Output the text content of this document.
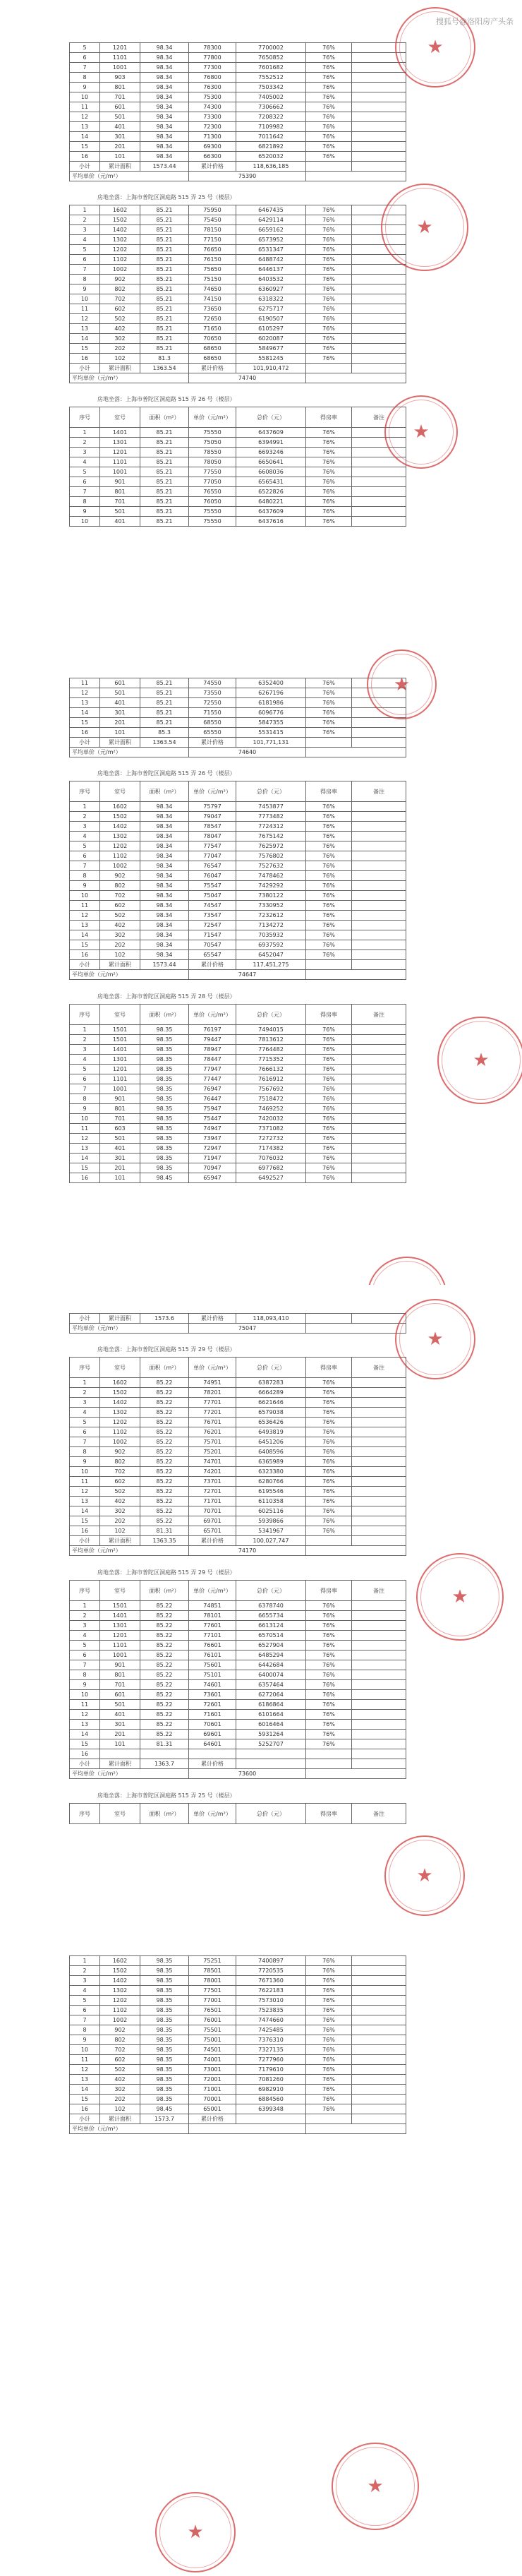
5	1201	98.34	78300	7700002	76%	
6	1101	98.34	77800	7650852	76%	
7	1001	98.34	77300	7601682	76%	
8	903	98.34	76800	7552512	76%	
9	801	98.34	76300	7503342	76%	
10	701	98.34	75300	7405002	76%	
11	601	98.34	74300	7306662	76%	
12	501	98.34	73300	7208322	76%	
13	401	98.34	72300	7109982	76%	
14	301	98.34	71300	7011642	76%	
15	201	98.34	69300	6821892	76%	
16	101	98.34	66300	6520032	76%	
小计	累计面积	1573.44	累计价格	118,636,185		
平均单价（元/m²）			75390			
房地坐落：上海市普陀区洞庭路 515 弄 25 号（楼层）
1	1602	85.21	75950	6467435	76%	
2	1502	85.21	75450	6429114	76%	
3	1402	85.21	78150	6659162	76%	
4	1302	85.21	77150	6573952	76%	
5	1202	85.21	76650	6531347	76%	
6	1102	85.21	76150	6488742	76%	
7	1002	85.21	75650	6446137	76%	
8	902	85.21	75150	6403532	76%	
9	802	85.21	74650	6360927	76%	
10	702	85.21	74150	6318322	76%	
11	602	85.21	73650	6275717	76%	
12	502	85.21	72650	6190507	76%	
13	402	85.21	71650	6105297	76%	
14	302	85.21	70650	6020087	76%	
15	202	85.21	68650	5849677	76%	
16	102	81.3	68650	5581245	76%	
小计	累计面积	1363.54	累计价格	101,910,472		
平均单价（元/m²）			74740			
房地坐落：上海市普陀区洞庭路 515 弄 26 号（楼层）
序号	室号	面积（m²）	单价（元/m²）	总价（元）	得房率	备注
1	1401	85.21	75550	6437609	76%	
2	1301	85.21	75050	6394991	76%	
3	1201	85.21	78550	6693246	76%	
4	1101	85.21	78050	6650641	76%	
5	1001	85.21	77550	6608036	76%	
6	901	85.21	77050	6565431	76%	
7	801	85.21	76550	6522826	76%	
8	701	85.21	76050	6480221	76%	
9	501	85.21	75550	6437609	76%	
10	401	85.21	75550	6437616	76%	
搜狐号@洛阳房产头条
★
★
★
11	601	85.21	74550	6352400	76%	
12	501	85.21	73550	6267196	76%	
13	401	85.21	72550	6181986	76%	
14	301	85.21	71550	6096776	76%	
15	201	85.21	68550	5847355	76%	
16	101	85.3	65550	5531415	76%	
小计	累计面积	1363.54	累计价格	101,771,131		
平均单价（元/m²）			74640			
房地坐落：上海市普陀区洞庭路 515 弄 26 号（楼层）
序号	室号	面积（m²）	单价（元/m²）	总价（元）	得房率	备注
1	1602	98.34	75797	7453877	76%	
2	1502	98.34	79047	7773482	76%	
3	1402	98.34	78547	7724312	76%	
4	1302	98.34	78047	7675142	76%	
5	1202	98.34	77547	7625972	76%	
6	1102	98.34	77047	7576802	76%	
7	1002	98.34	76547	7527632	76%	
8	902	98.34	76047	7478462	76%	
9	802	98.34	75547	7429292	76%	
10	702	98.34	75047	7380122	76%	
11	602	98.34	74547	7330952	76%	
12	502	98.34	73547	7232612	76%	
13	402	98.34	72547	7134272	76%	
14	302	98.34	71547	7035932	76%	
15	202	98.34	70547	6937592	76%	
16	102	98.34	65547	6452047	76%	
小计	累计面积	1573.44	累计价格	117,451,275		
平均单价（元/m²）			74647			
房地坐落：上海市普陀区洞庭路 515 弄 28 号（楼层）
序号	室号	面积（m²）	单价（元/m²）	总价（元）	得房率	备注
1	1501	98.35	76197	7494015	76%	
2	1501	98.35	79447	7813612	76%	
3	1401	98.35	78947	7764482	76%	
4	1301	98.35	78447	7715352	76%	
5	1201	98.35	77947	7666132	76%	
6	1101	98.35	77447	7616912	76%	
7	1001	98.35	76947	7567692	76%	
8	901	98.35	76447	7518472	76%	
9	801	98.35	75947	7469252	76%	
10	701	98.35	75447	7420032	76%	
11	603	98.35	74947	7371082	76%	
12	501	98.35	73947	7272732	76%	
13	401	98.35	72947	7174382	76%	
14	301	98.35	71947	7076032	76%	
15	201	98.35	70947	6977682	76%	
16	101	98.45	65947	6492527	76%	
★
★
小计	累计面积	1573.6	累计价格	118,093,410		
平均单价（元/m²）			75047			
房地坐落：上海市普陀区洞庭路 515 弄 29 号（楼层）
序号	室号	面积（m²）	单价（元/m²）	总价（元）	得房率	备注
1	1602	85.22	74951	6387283	76%	
2	1502	85.22	78201	6664289	76%	
3	1402	85.22	77701	6621646	76%	
4	1302	85.22	77201	6579038	76%	
5	1202	85.22	76701	6536426	76%	
6	1102	85.22	76201	6493819	76%	
7	1002	85.22	75701	6451206	76%	
8	902	85.22	75201	6408596	76%	
9	802	85.22	74701	6365989	76%	
10	702	85.22	74201	6323380	76%	
11	602	85.22	73701	6280766	76%	
12	502	85.22	72701	6195546	76%	
13	402	85.22	71701	6110358	76%	
14	302	85.22	70701	6025116	76%	
15	202	85.22	69701	5939866	76%	
16	102	81.31	65701	5341967	76%	
小计	累计面积	1363.35	累计价格	100,027,747		
平均单价（元/m²）			74170			
房地坐落：上海市普陀区洞庭路 515 弄 29 号（楼层）
序号	室号	面积（m²）	单价（元/m²）	总价（元）	得房率	备注
1	1501	85.22	74851	6378740	76%	
2	1401	85.22	78101	6655734	76%	
3	1301	85.22	77601	6613124	76%	
4	1201	85.22	77101	6570514	76%	
5	1101	85.22	76601	6527904	76%	
6	1001	85.22	76101	6485294	76%	
7	901	85.22	75601	6442684	76%	
8	801	85.22	75101	6400074	76%	
9	701	85.22	74601	6357464	76%	
10	601	85.22	73601	6272064	76%	
11	501	85.22	72601	6186864	76%	
12	401	85.22	71601	6101664	76%	
13	301	85.22	70601	6016464	76%	
14	201	85.22	69601	5931264	76%	
15	101	81.31	64601	5252707	76%	
16						
小计	累计面积	1363.7	累计价格			
平均单价（元/m²）			73600			
房地坐落：上海市普陀区洞庭路 515 弄 25 号（楼层）
序号	室号	面积（m²）	单价（元/m²）	总价（元）	得房率	备注
★
★
★
1	1602	98.35	75251	7400897	76%	
2	1502	98.35	78501	7720535	76%	
3	1402	98.35	78001	7671360	76%	
4	1302	98.35	77501	7622183	76%	
5	1202	98.35	77001	7573010	76%	
6	1102	98.35	76501	7523835	76%	
7	1002	98.35	76001	7474660	76%	
8	902	98.35	75501	7425485	76%	
9	802	98.35	75001	7376310	76%	
10	702	98.35	74501	7327135	76%	
11	602	98.35	74001	7277960	76%	
12	502	98.35	73001	7179610	76%	
13	402	98.35	72001	7081260	76%	
14	302	98.35	71001	6982910	76%	
15	202	98.35	70001	6884560	76%	
16	102	98.45	65001	6399348	76%	
小计	累计面积	1573.7	累计价格			
平均单价（元/m²）						
★
★
